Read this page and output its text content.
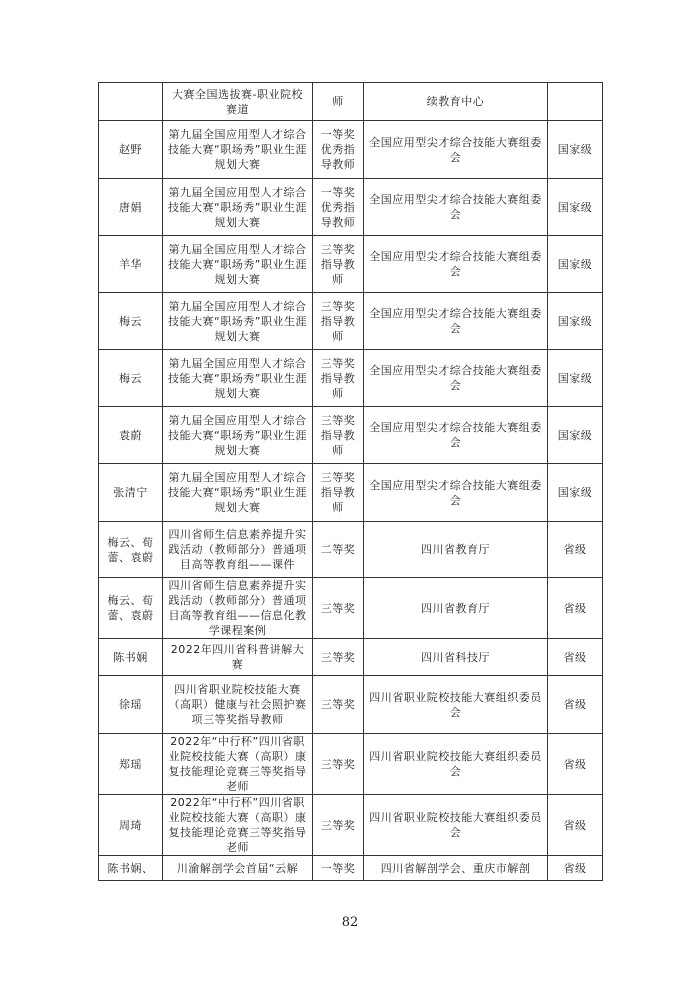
	大赛全国选拔赛-职业院校赛道	师	续教育中心	
赵野	第九届全国应用型人才综合技能大赛“职场秀”职业生涯规划大赛	一等奖优秀指导教师	全国应用型尖才综合技能大赛组委会	国家级
唐娟	第九届全国应用型人才综合技能大赛“职场秀”职业生涯规划大赛	一等奖优秀指导教师	全国应用型尖才综合技能大赛组委会	国家级
羊华	第九届全国应用型人才综合技能大赛“职场秀”职业生涯规划大赛	三等奖指导教师	全国应用型尖才综合技能大赛组委会	国家级
梅云	第九届全国应用型人才综合技能大赛“职场秀”职业生涯规划大赛	三等奖指导教师	全国应用型尖才综合技能大赛组委会	国家级
梅云	第九届全国应用型人才综合技能大赛“职场秀”职业生涯规划大赛	三等奖指导教师	全国应用型尖才综合技能大赛组委会	国家级
袁蔚	第九届全国应用型人才综合技能大赛“职场秀”职业生涯规划大赛	三等奖指导教师	全国应用型尖才综合技能大赛组委会	国家级
张清宁	第九届全国应用型人才综合技能大赛“职场秀”职业生涯规划大赛	三等奖指导教师	全国应用型尖才综合技能大赛组委会	国家级
梅云、荀蕾、袁蔚	四川省师生信息素养提升实践活动（教师部分）普通项目高等教育组——课件	二等奖	四川省教育厅	省级
梅云、荀蕾、袁蔚	四川省师生信息素养提升实践活动（教师部分）普通项目高等教育组——信息化教学课程案例	三等奖	四川省教育厅	省级
陈书娴	2022年四川省科普讲解大赛	三等奖	四川省科技厅	省级
徐瑶	四川省职业院校技能大赛（高职）健康与社会照护赛项三等奖指导教师	三等奖	四川省职业院校技能大赛组织委员会	省级
郑瑶	2022年“中行杯”四川省职业院校技能大赛（高职）康复技能理论竞赛三等奖指导老师	三等奖	四川省职业院校技能大赛组织委员会	省级
周琦	2022年“中行杯”四川省职业院校技能大赛（高职）康复技能理论竞赛三等奖指导老师	三等奖	四川省职业院校技能大赛组织委员会	省级
陈书娴、	川渝解剖学会首届“云解	一等奖	四川省解剖学会、重庆市解剖	省级
82
